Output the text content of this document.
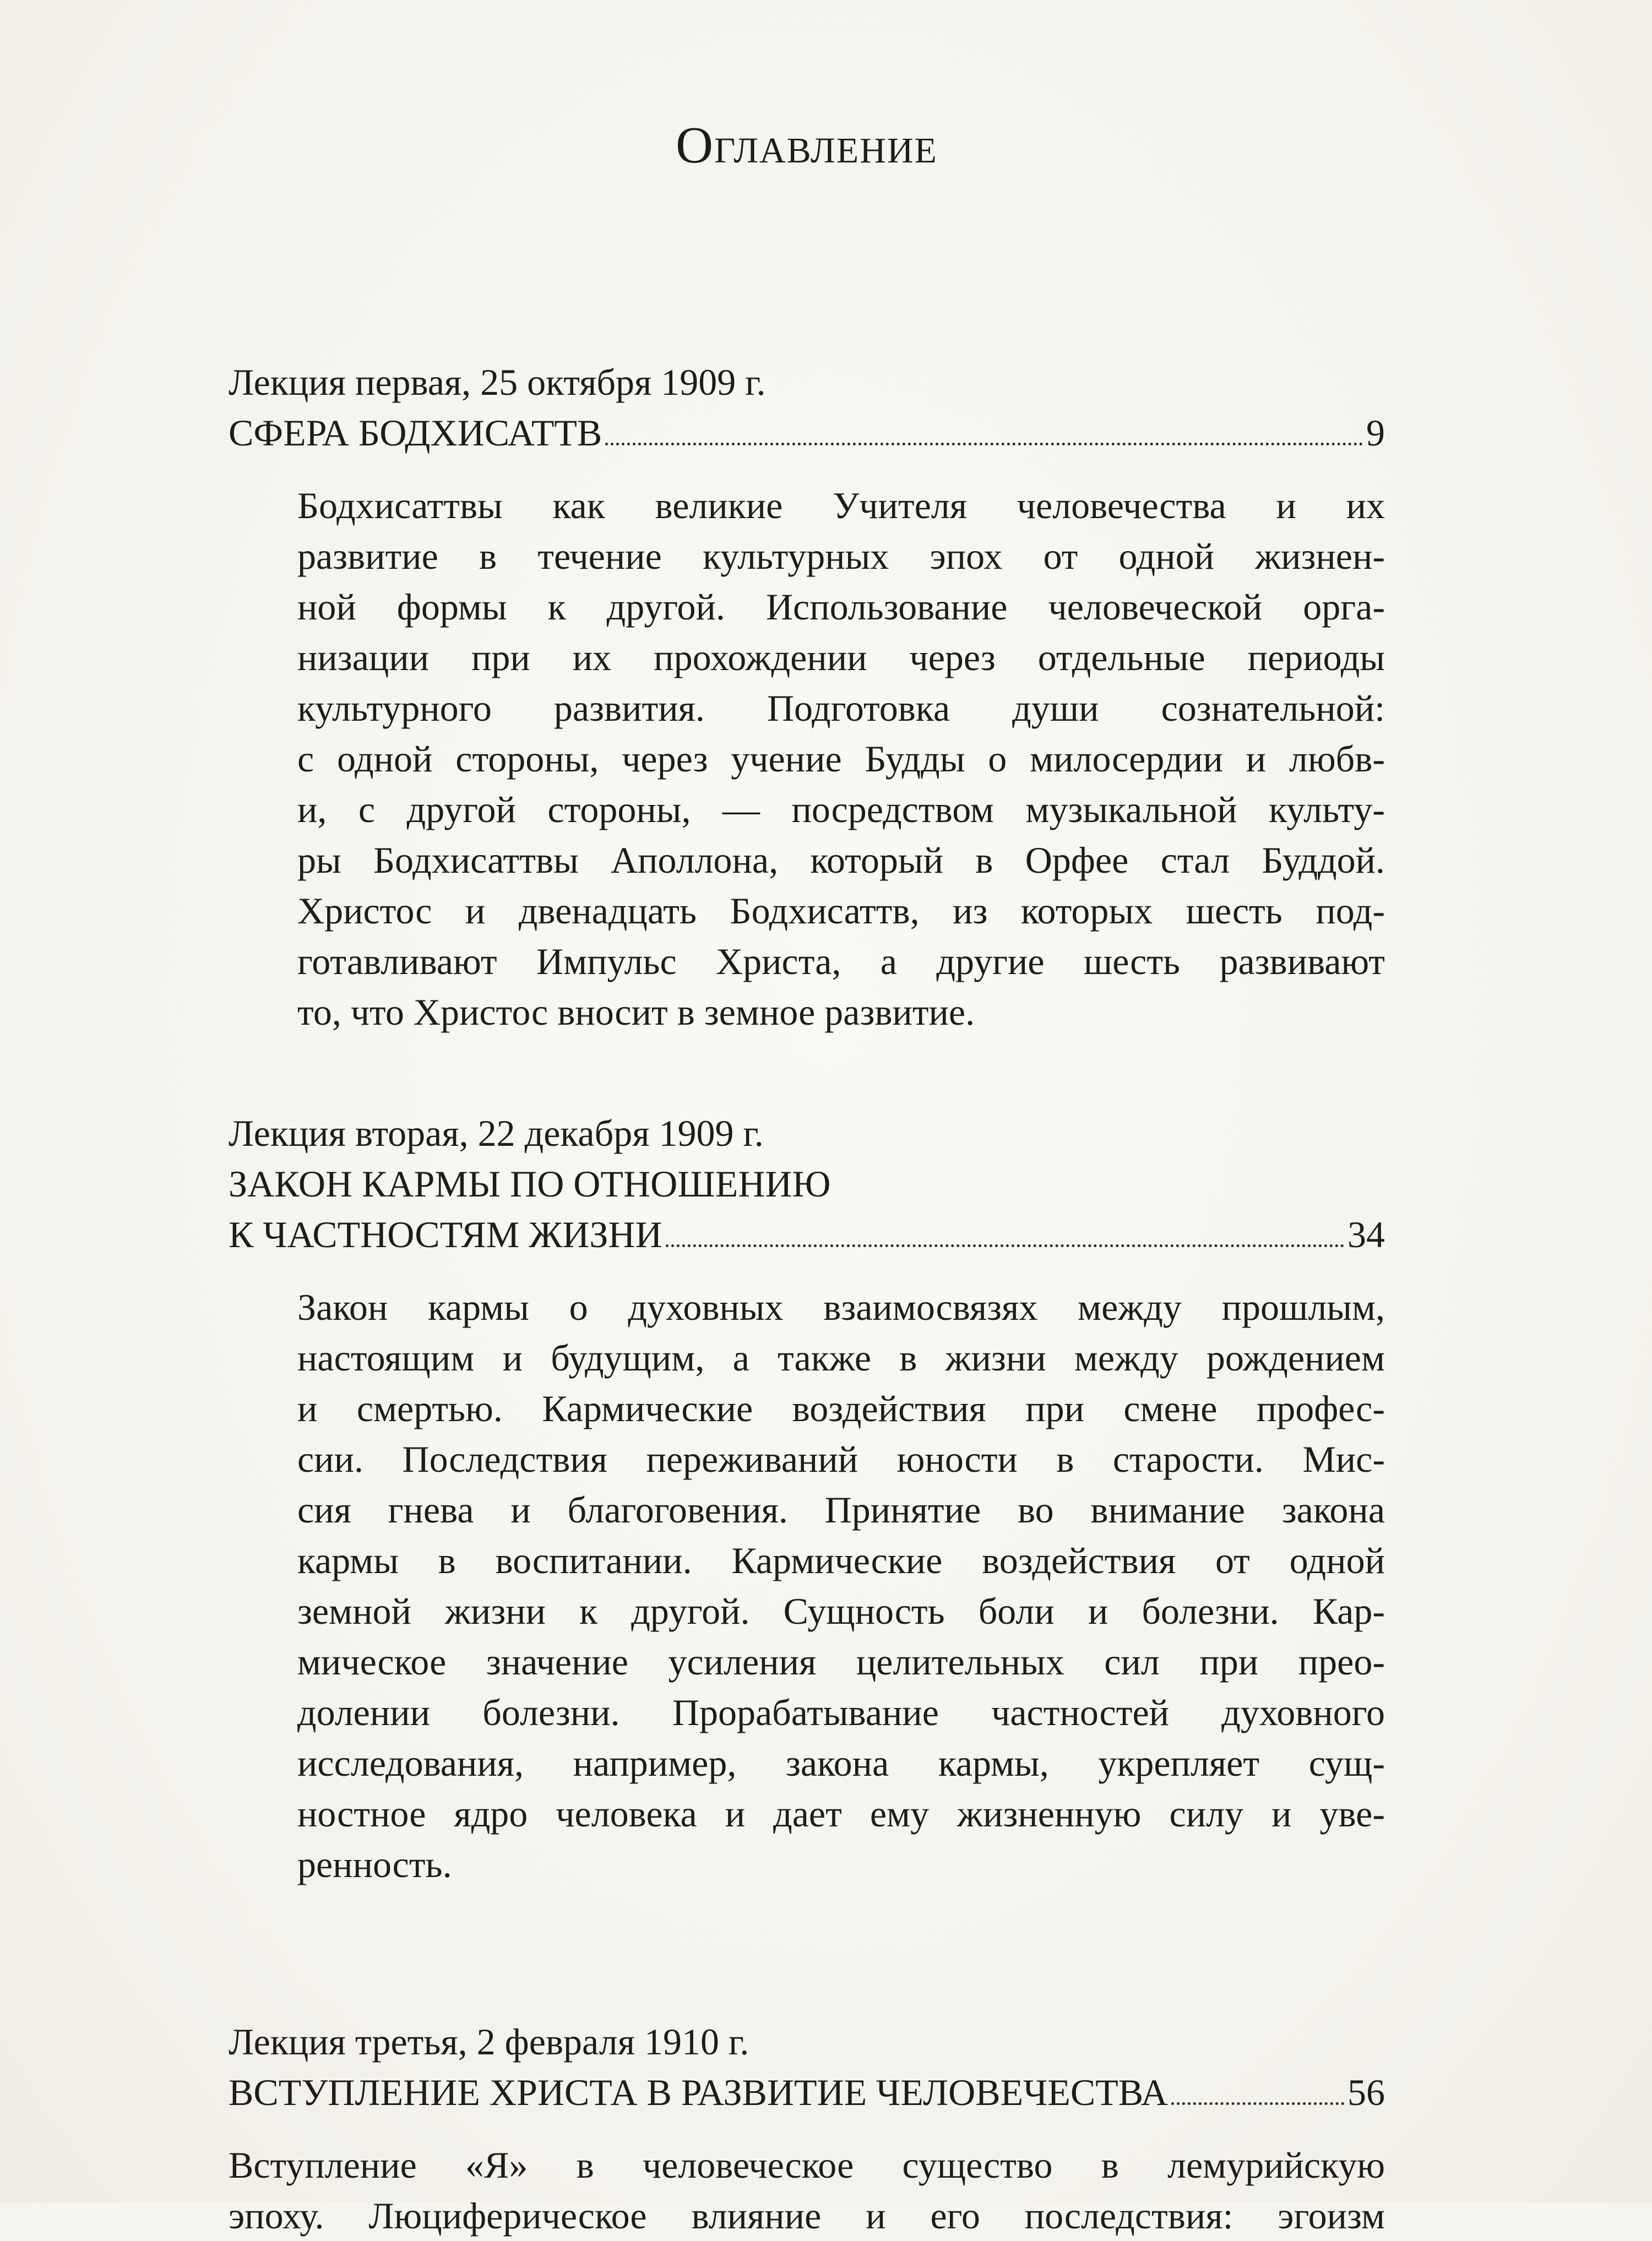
Оглавление

Лекция первая, 25 октября 1909 г.

СФЕРА БОДХИСАТТВ	9
Бодхисаттвы как великие Учителя человечества и их
развитие в течение культурных эпох от одной жизнен-
ной формы к другой. Использование человеческой орга-
низации при их прохождении через отдельные периоды
культурного развития. Подготовка души сознательной:
с одной стороны, через учение Будды о милосердии и любв-
и, с другой стороны, — посредством музыкальной культу-
ры Бодхисаттвы Аполлона, который в Орфее стал Буддой.
Христос и двенадцать Бодхисаттв, из которых шесть под-
готавливают Импульс Христа, а другие шесть развивают
то, что Христос вносит в земное развитие.

Лекция вторая, 22 декабря 1909 г.

ЗАКОН КАРМЫ ПО ОТНОШЕНИЮ

К ЧАСТНОСТЯМ ЖИЗНИ	34
Закон кармы о духовных взаимосвязях между прошлым,
настоящим и будущим, а также в жизни между рождением
и смертью. Кармические воздействия при смене профес-
сии. Последствия переживаний юности в старости. Мис-
сия гнева и благоговения. Принятие во внимание закона
кармы в воспитании. Кармические воздействия от одной
земной жизни к другой. Сущность боли и болезни. Кар-
мическое значение усиления целительных сил при прео-
долении болезни. Прорабатывание частностей духовного
исследования, например, закона кармы, укрепляет сущ-
ностное ядро человека и дает ему жизненную силу и уве-
ренность.

Лекция третья, 2 февраля 1910 г.

ВСТУПЛЕНИЕ ХРИСТА В РАЗВИТИЕ ЧЕЛОВЕЧЕСТВА	56
Вступление «Я» в человеческое существо в лемурийскую
эпоху. Люциферическое влияние и его последствия: эгоизм
